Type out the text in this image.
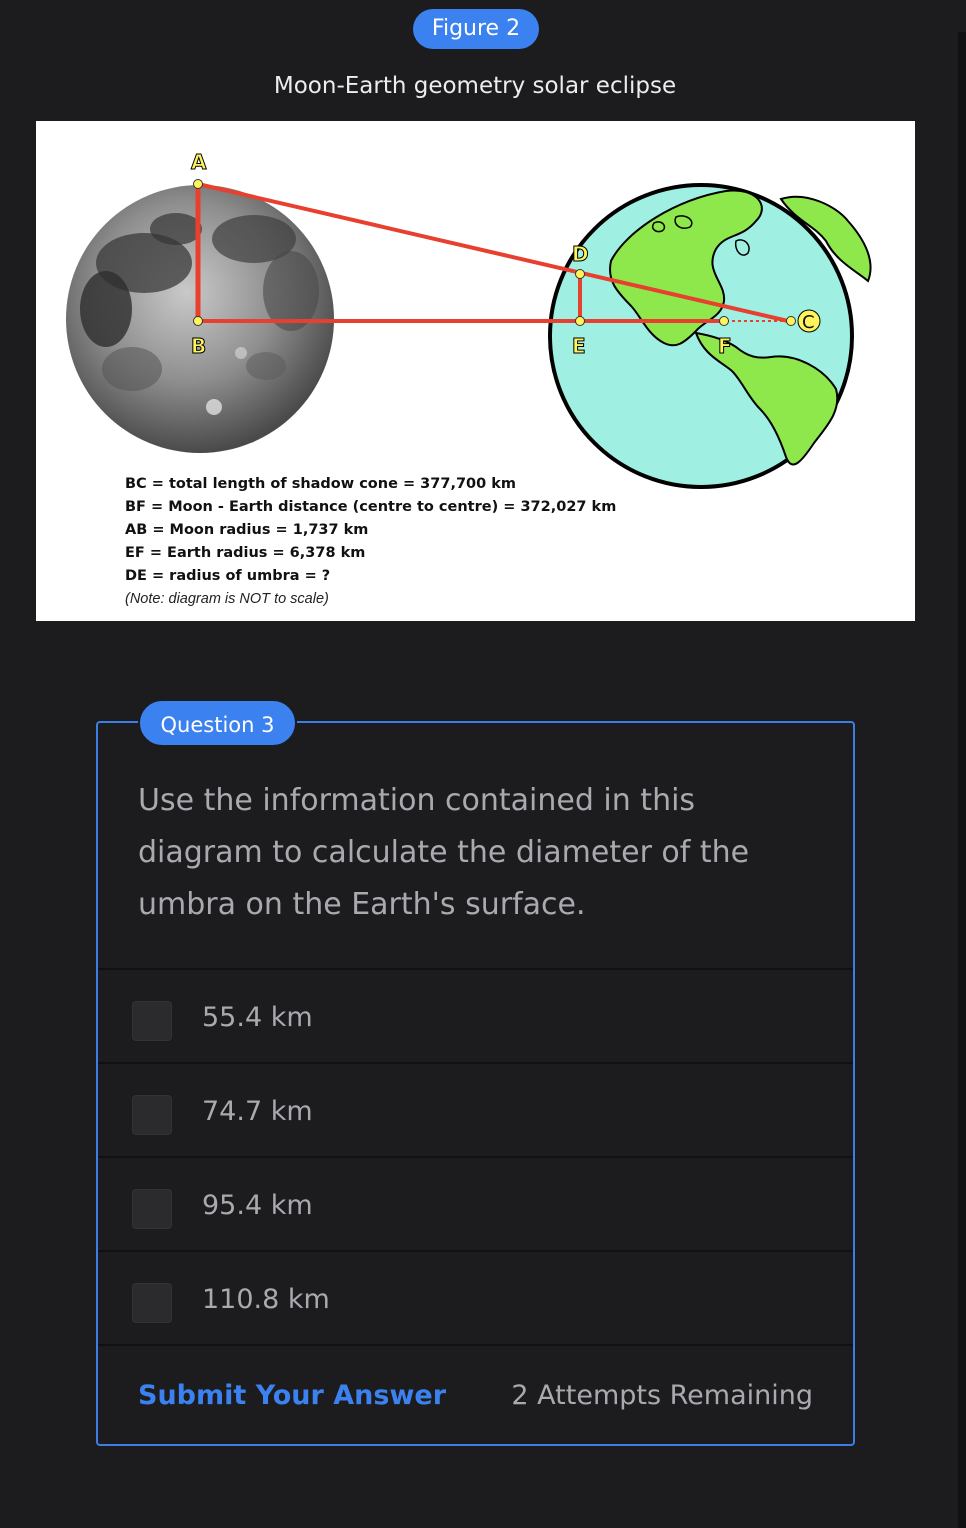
Figure 2
Moon-Earth geometry solar eclipse
A
B
D
E	F
C
BC = total length of shadow cone = 377,700 km
BF = Moon - Earth distance (centre to centre) = 372,027 km
AB = Moon radius = 1,737 km
EF = Earth radius = 6,378 km
DE = radius of umbra = ?
(Note: diagram is NOT to scale)
Use the information contained in this diagram to calculate the diameter of the umbra on the Earth's surface.
55.4 km
74.7 km
95.4 km
110.8 km
Submit Your Answer 2 Attempts Remaining
Question 3
